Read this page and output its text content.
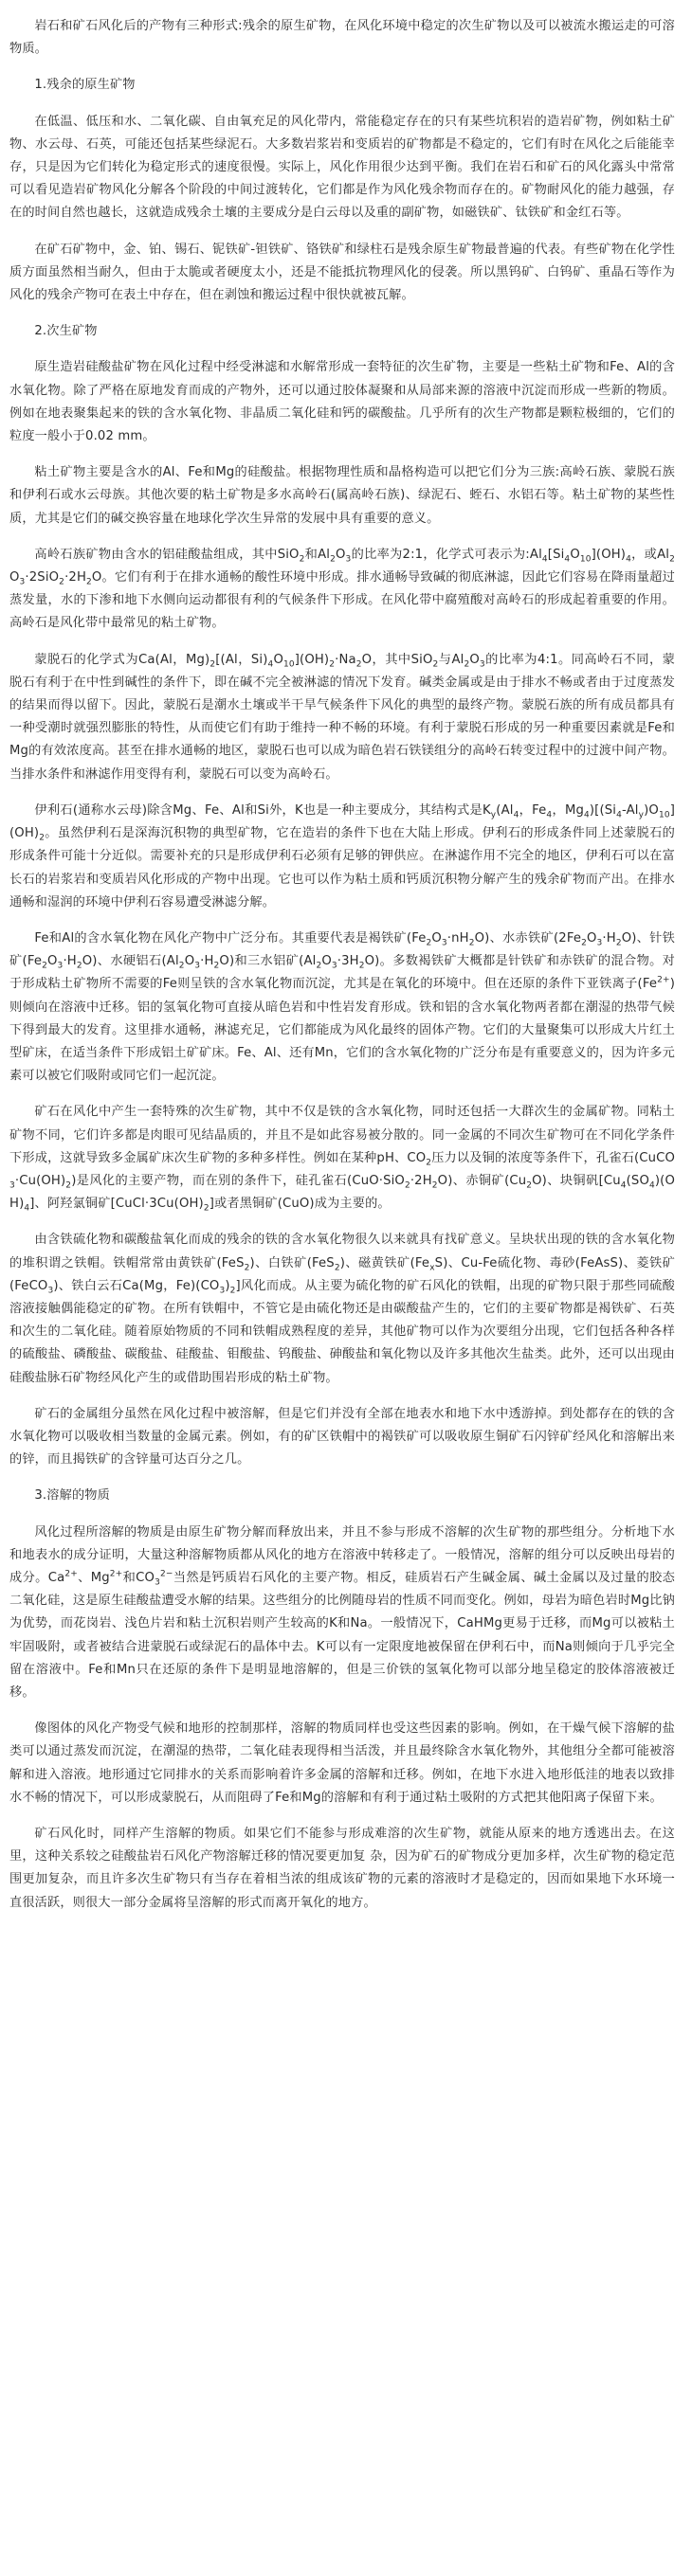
岩石和矿石风化后的产物有三种形式:残余的原生矿物，在风化环境中稳定的次生矿物以及可以被流水搬运走的可溶物质。

1.残余的原生矿物

在低温、低压和水、二氧化碳、自由氧充足的风化带内，常能稳定存在的只有某些坑积岩的造岩矿物，例如粘土矿物、水云母、石英，可能还包括某些绿泥石。大多数岩浆岩和变质岩的矿物都是不稳定的，它们有时在风化之后能能幸存，只是因为它们转化为稳定形式的速度很慢。实际上，风化作用很少达到平衡。我们在岩石和矿石的风化露头中常常可以看见造岩矿物风化分解各个阶段的中间过渡转化，它们都是作为风化残余物而存在的。矿物耐风化的能力越强，存在的时间自然也越长，这就造成残余土壤的主要成分是白云母以及重的副矿物，如磁铁矿、钛铁矿和金红石等。

在矿石矿物中，金、铂、锡石、铌铁矿-钽铁矿、铬铁矿和绿柱石是残余原生矿物最普遍的代表。有些矿物在化学性质方面虽然相当耐久，但由于太脆或者硬度太小，还是不能抵抗物理风化的侵袭。所以黑钨矿、白钨矿、重晶石等作为风化的残余产物可在表土中存在，但在剥蚀和搬运过程中很快就被瓦解。

2.次生矿物

原生造岩硅酸盐矿物在风化过程中经受淋滤和水解常形成一套特征的次生矿物，主要是一些粘土矿物和Fe、Al的含水氧化物。除了严格在原地发育而成的产物外，还可以通过胶体凝聚和从局部来源的溶液中沉淀而形成一些新的物质。例如在地表聚集起来的铁的含水氧化物、非晶质二氧化硅和钙的碳酸盐。几乎所有的次生产物都是颗粒极细的，它们的粒度一般小于0.02 mm。

粘土矿物主要是含水的Al、Fe和Mg的硅酸盐。根据物理性质和晶格构造可以把它们分为三族:高岭石族、蒙脱石族和伊利石或水云母族。其他次要的粘土矿物是多水高岭石(属高岭石族)、绿泥石、蛭石、水铝石等。粘土矿物的某些性质，尤其是它们的碱交换容量在地球化学次生异常的发展中具有重要的意义。

高岭石族矿物由含水的铝硅酸盐组成，其中SiO$_2$和$Al_2O_3$的比率为2:1，化学式可表示为$:Al_4[Si_4O_{10}](OH)_4$，或$Al_2O_3\cdot 2SiO_2\cdot 2H_2O$。它们有利于在排水通畅的酸性环境中形成。排水通畅导致碱的彻底淋滤，因此它们容易在降雨量超过蒸发量，水的下渗和地下水侧向运动都很有利的气候条件下形成。在风化带中腐殖酸对高岭石的形成起着重要的作用。高岭石是风化带中最常见的粘土矿物。

蒙脱石的化学式为Ca(Al，$Mg)_2[(Al$，$Si)_4O_{10}](OH)_2\cdot Na_2O$，其中SiO$_2$与$Al_2O_3$的比率为4:1。同高岭石不同，蒙脱石有利于在中性到碱性的条件下，即在碱不完全被淋滤的情况下发育。碱类金属或是由于排水不畅或者由于过度蒸发的结果而得以留下。因此，蒙脱石是潮水土壤或半干旱气候条件下风化的典型的最终产物。蒙脱石族的所有成员都具有一种受潮时就强烈膨胀的特性，从而使它们有助于维持一种不畅的环境。有利于蒙脱石形成的另一种重要因素就是Fe和Mg的有效浓度高。甚至在排水通畅的地区，蒙脱石也可以成为暗色岩石铁镁组分的高岭石转变过程中的过渡中间产物。当排水条件和淋滤作用变得有利，蒙脱石可以变为高岭石。

伊利石(通称水云母)除含Mg、Fe、Al和Si外，K也是一种主要成分，其结构式是$K_y(Al_4$，$Fe_4$，$Mg_4)[(Si_4-Al_y)O_{10}](OH)_2$。虽然伊利石是深海沉积物的典型矿物，它在造岩的条件下也在大陆上形成。伊利石的形成条件同上述蒙脱石的形成条件可能十分近似。需要补充的只是形成伊利石必须有足够的钾供应。在淋滤作用不完全的地区，伊利石可以在富长石的岩浆岩和变质岩风化形成的产物中出现。它也可以作为粘土质和钙质沉积物分解产生的残余矿物而产出。在排水通畅和湿润的环境中伊利石容易遭受淋滤分解。

Fe和Al的含水氧化物在风化产物中广泛分布。其重要代表是褐铁矿$(Fe_2O_3\cdot nH_2O)$、水赤铁矿$(2Fe_2O_3\cdot H_2O)$、针铁矿$(Fe_2O_3\cdot H_2O)$、水硬铝石$(Al_2O_3\cdot H_2O)$和三水铝矿$(Al_2O_3\cdot 3H_2O)$。多数褐铁矿大概都是针铁矿和赤铁矿的混合物。对于形成粘土矿物所不需要的Fe则呈铁的含水氧化物而沉淀，尤其是在氧化的环境中。但在还原的条件下亚铁离子$(Fe^{2+})$则倾向在溶液中迁移。铝的氢氧化物可直接从暗色岩和中性岩发育形成。铁和铝的含水氧化物两者都在潮湿的热带气候下得到最大的发育。这里排水通畅，淋滤充足，它们都能成为风化最终的固体产物。它们的大量聚集可以形成大片红土型矿床，在适当条件下形成铝土矿矿床。Fe、Al、还有Mn，它们的含水氧化物的广泛分布是有重要意义的，因为许多元素可以被它们吸附或同它们一起沉淀。

矿石在风化中产生一套特殊的次生矿物，其中不仅是铁的含水氧化物，同时还包括一大群次生的金属矿物。同粘土矿物不同，它们许多都是肉眼可见结晶质的，并且不是如此容易被分散的。同一金属的不同次生矿物可在不同化学条件下形成，这就导致多金属矿床次生矿物的多种多样性。例如在某种pH、$CO_2$压力以及铜的浓度等条件下，孔雀石$(CuCO_3\cdot Cu(OH)_2)$是风化的主要产物，而在别的条件下，硅孔雀石$(CuO\cdot SiO_2\cdot 2H_2O)$、赤铜矿$(Cu_2O)$、块铜矾$[Cu_4(SO_4)(OH)_4]$、阿羟氯铜矿$[CuCl\cdot 3Cu(OH)_2]$或者黑铜矿(CuO)成为主要的。

由含铁硫化物和碳酸盐氧化而成的残余的铁的含水氧化物很久以来就具有找矿意义。呈块状出现的铁的含水氧化物的堆积谓之铁帽。铁帽常常由黄铁矿(FeS$_2$)、白铁矿(FeS$_2$)、磁黄铁矿$(Fe_xS)$、Cu-Fe硫化物、毒砂(FeAsS)、菱铁矿(FeCO$_3$)、铁白云石Ca(Mg，$Fe)(CO_3)_2$]风化而成。从主要为硫化物的矿石风化的铁帽，出现的矿物只限于那些同硫酸溶液接触偶能稳定的矿物。在所有铁帽中，不管它是由硫化物还是由碳酸盐产生的，它们的主要矿物都是褐铁矿、石英和次生的二氧化硅。随着原始物质的不同和铁帽成熟程度的差异，其他矿物可以作为次要组分出现，它们包括各种各样的硫酸盐、磷酸盐、碳酸盐、硅酸盐、钼酸盐、钨酸盐、砷酸盐和氧化物以及许多其他次生盐类。此外，还可以出现由硅酸盐脉石矿物经风化产生的或借助围岩形成的粘土矿物。

矿石的金属组分虽然在风化过程中被溶解，但是它们并没有全部在地表水和地下水中透游掉。到处都存在的铁的含水氧化物可以吸收相当数量的金属元素。例如，有的矿区铁帽中的褐铁矿可以吸收原生铜矿石闪锌矿经风化和溶解出来的锌，而且揭铁矿的含锌量可达百分之几。

3.溶解的物质

风化过程所溶解的物质是由原生矿物分解而释放出来，并且不参与形成不溶解的次生矿物的那些组分。分析地下水和地表水的成分证明，大量这种溶解物质都从风化的地方在溶液中转移走了。一般情况，溶解的组分可以反映出母岩的成分。$Ca^{2+}$、$Mg^{2+}$和$CO_3^{2-}$当然是钙质岩石风化的主要产物。相反，硅质岩石产生碱金属、碱土金属以及过量的胶态二氧化硅，这是原生硅酸盐遭受水解的结果。这些组分的比例随母岩的性质不同而变化。例如，母岩为暗色岩时Mg比钠为优势，而花岗岩、浅色片岩和粘土沉积岩则产生较高的K和Na。一般情况下，CaHMg更易于迁移，而Mg可以被粘土牢固吸附，或者被结合进蒙脱石或绿泥石的晶体中去。K可以有一定限度地被保留在伊利石中，而Na则倾向于几乎完全留在溶液中。Fe和Mn只在还原的条件下是明显地溶解的，但是三价铁的氢氧化物可以部分地呈稳定的胶体溶液被迁移。

像图体的风化产物受气候和地形的控制那样，溶解的物质同样也受这些因素的影响。例如，在干燥气候下溶解的盐类可以通过蒸发而沉淀，在潮湿的热带，二氧化硅表现得相当活泼，并且最终除含水氧化物外，其他组分全都可能被溶解和进入溶液。地形通过它同排水的关系而影响着许多金属的溶解和迁移。例如，在地下水进入地形低洼的地表以致排水不畅的情况下，可以形成蒙脱石，从而阻碍了Fe和Mg的溶解和有利于通过粘土吸附的方式把其他阳离子保留下来。

矿石风化时，同样产生溶解的物质。如果它们不能参与形成难溶的次生矿物，就能从原来的地方透逃出去。在这里，这种关系较之硅酸盐岩石风化产物溶解迁移的情况要更加复 杂，因为矿石的矿物成分更加多样，次生矿物的稳定范围更加复杂，而且许多次生矿物只有当存在着相当浓的组成该矿物的元素的溶液时才是稳定的，因而如果地下水环境一直很活跃，则很大一部分金属将呈溶解的形式而离开氧化的地方。
